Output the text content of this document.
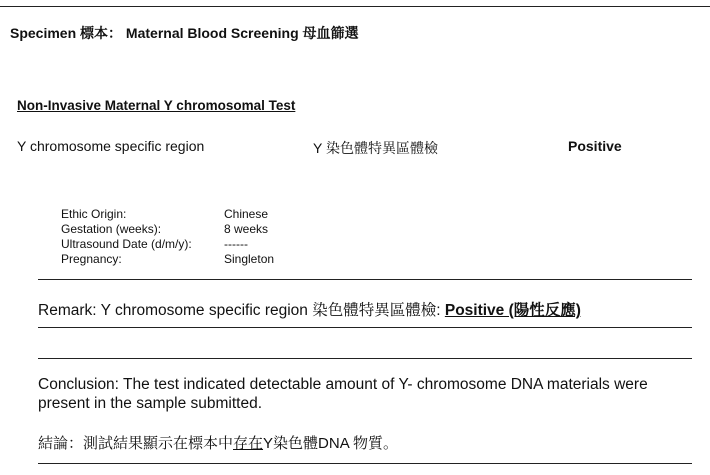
Specimen 標本： Maternal Blood Screening 母血篩選
Non-Invasive Maternal Y chromosomal Test
Y chromosome specific region	Y 染色體特異區體檢	Positive
Ethic Origin:	Chinese
Gestation (weeks):	8 weeks
Ultrasound Date (d/m/y):	------
Pregnancy:	Singleton
Remark: Y chromosome specific region 染色體特異區體檢: Positive (陽性反應)
Conclusion: The test indicated detectable amount of Y- chromosome DNA materials were present in the sample submitted.
結論：測試結果顯示在標本中存在Y染色體DNA 物質。
